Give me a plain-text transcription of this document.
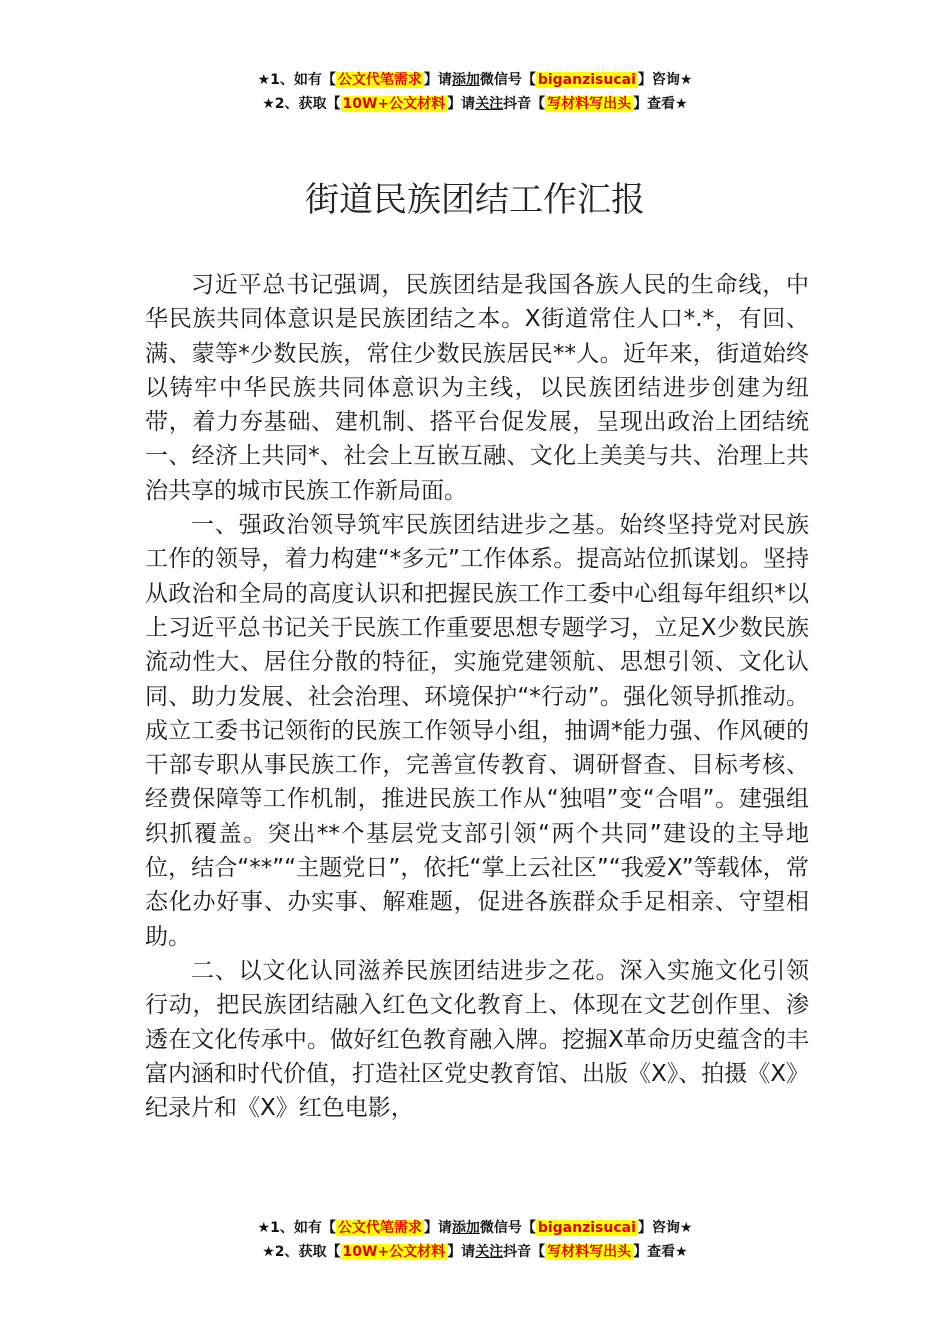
★1、如有【 公文代笔需求 】请添加微信号【 biganzisucai 】咨询★
★2、获取【 10W+公文材料 】请关注抖音【 写材料写出头 】查看★
街道民族团结工作汇报

习近平总书记强调，民族团结是我国各族人民的生命线，中华民族共同体意识是民族团结之本。X街道常住人口*.*，有回、满、蒙等*少数民族，常住少数民族居民**人。近年来，街道始终以铸牢中华民族共同体意识为主线，以民族团结进步创建为纽带，着力夯基础、建机制、搭平台促发展，呈现出政治上团结统一、经济上共同*、社会上互嵌互融、文化上美美与共、治理上共治共享的城市民族工作新局面。

一、强政治领导筑牢民族团结进步之基。始终坚持党对民族工作的领导，着力构建“*多元”工作体系。提高站位抓谋划。坚持从政治和全局的高度认识和把握民族工作工委中心组每年组织*以上习近平总书记关于民族工作重要思想专题学习，立足X少数民族流动性大、居住分散的特征，实施党建领航、思想引领、文化认同、助力发展、社会治理、环境保护“*行动”。强化领导抓推动。成立工委书记领衔的民族工作领导小组，抽调*能力强、作风硬的干部专职从事民族工作，完善宣传教育、调研督查、目标考核、经费保障等工作机制，推进民族工作从“独唱”变“合唱”。建强组织抓覆盖。突出**个基层党支部引领“两个共同”建设的主导地位，结合“**”“主题党日”，依托“掌上云社区”“我爱X”等载体，常态化办好事、办实事、解难题，促进各族群众手足相亲、守望相助。

二、以文化认同滋养民族团结进步之花。深入实施文化引领行动，把民族团结融入红色文化教育上、体现在文艺创作里、渗透在文化传承中。做好红色教育融入牌。挖掘X革命历史蕴含的丰富内涵和时代价值，打造社区党史教育馆、出版《X》、拍摄《X》纪录片和《X》红色电影，

★1、如有【 公文代笔需求 】请添加微信号【 biganzisucai 】咨询★
★2、获取【 10W+公文材料 】请关注抖音【 写材料写出头 】查看★
